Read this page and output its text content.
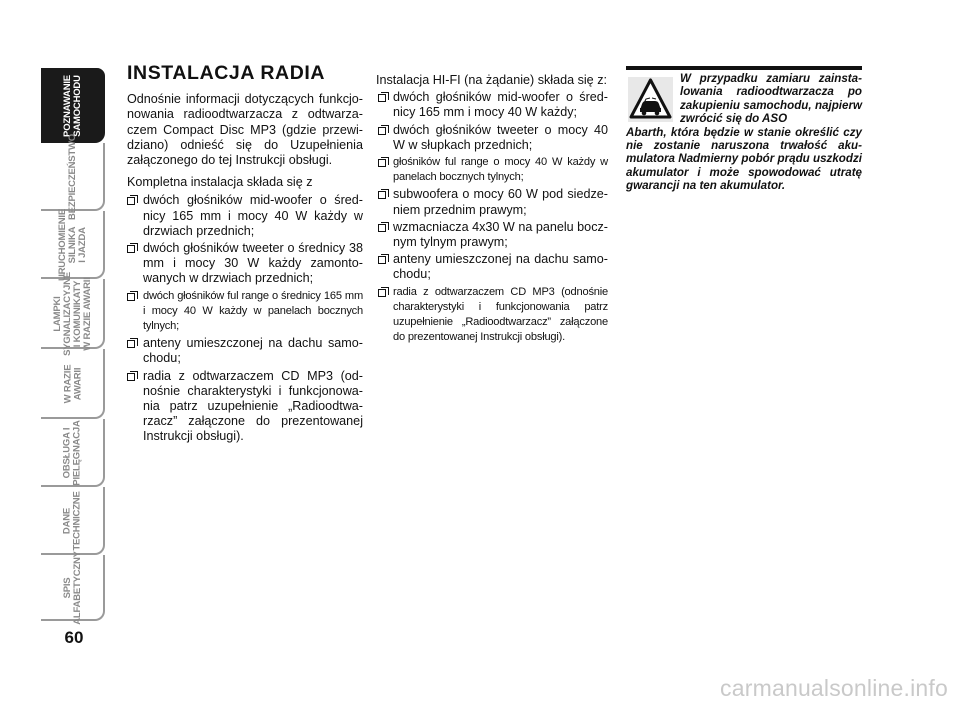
POZNAWANIE
SAMOCHODU
BEZPIECZEŃSTWO
URUCHOMIENIE
SILNIKA
I JAZDA
LAMPKI
SYGNALIZACYJNE
I KOMUNIKATY
W RAZIE AWARII
W RAZIE
AWARII
OBSŁUGA I
PIELĘGNACJA
DANE
TECHNICZNE
SPIS
ALFABETYCZNY
60
INSTALACJA RADIA

Odnośnie informacji dotyczących funkcjonowania radioodtwarzacza z odtwarzaczem Compact Disc MP3 (gdzie przewidziano) odnieść się do Uzupełnienia załączonego do tej Instrukcji obsługi.

Kompletna instalacja składa się z

dwóch głośników mid-woofer o średnicy 165 mm i mocy 40 W każdy w drzwiach przednich;
dwóch głośników tweeter o średnicy 38 mm i mocy 30 W każdy zamontowanych w drzwiach przednich;
dwóch głośników ful range o średnicy 165 mm i mocy 40 W każdy w panelach bocznych tylnych;
anteny umieszczonej na dachu samochodu;
radia z odtwarzaczem CD MP3 (odnośnie charakterystyki i funkcjonowania patrz uzupełnienie „Radioodtwarzacz” załączone do prezentowanej Instrukcji obsługi).

Instalacja HI-FI (na żądanie) składa się z:

dwóch głośników mid-woofer o średnicy 165 mm i mocy 40 W każdy;
dwóch głośników tweeter o mocy 40 W w słupkach przednich;
głośników ful range o mocy 40 W każdy w panelach bocznych tylnych;
subwoofera o mocy 60 W pod siedzeniem przednim prawym;
wzmacniacza 4x30 W na panelu bocznym tylnym prawym;
anteny umieszczonej na dachu samochodu;
radia z odtwarzaczem CD MP3 (odnośnie charakterystyki i funkcjonowania patrz uzupełnienie „Radioodtwarzacz” załączone do prezentowanej Instrukcji obsługi).

W przypadku zamiaru zainstalowania radioodtwarzacza po zakupieniu samochodu, najpierw zwrócić się do ASO
Abarth, która będzie w stanie określić czy nie zostanie naruszona trwałość akumulatora Nadmierny pobór prądu uszkodzi akumulator i może spowodować utratę gwarancji na ten akumulator.

carmanualsonline.info
